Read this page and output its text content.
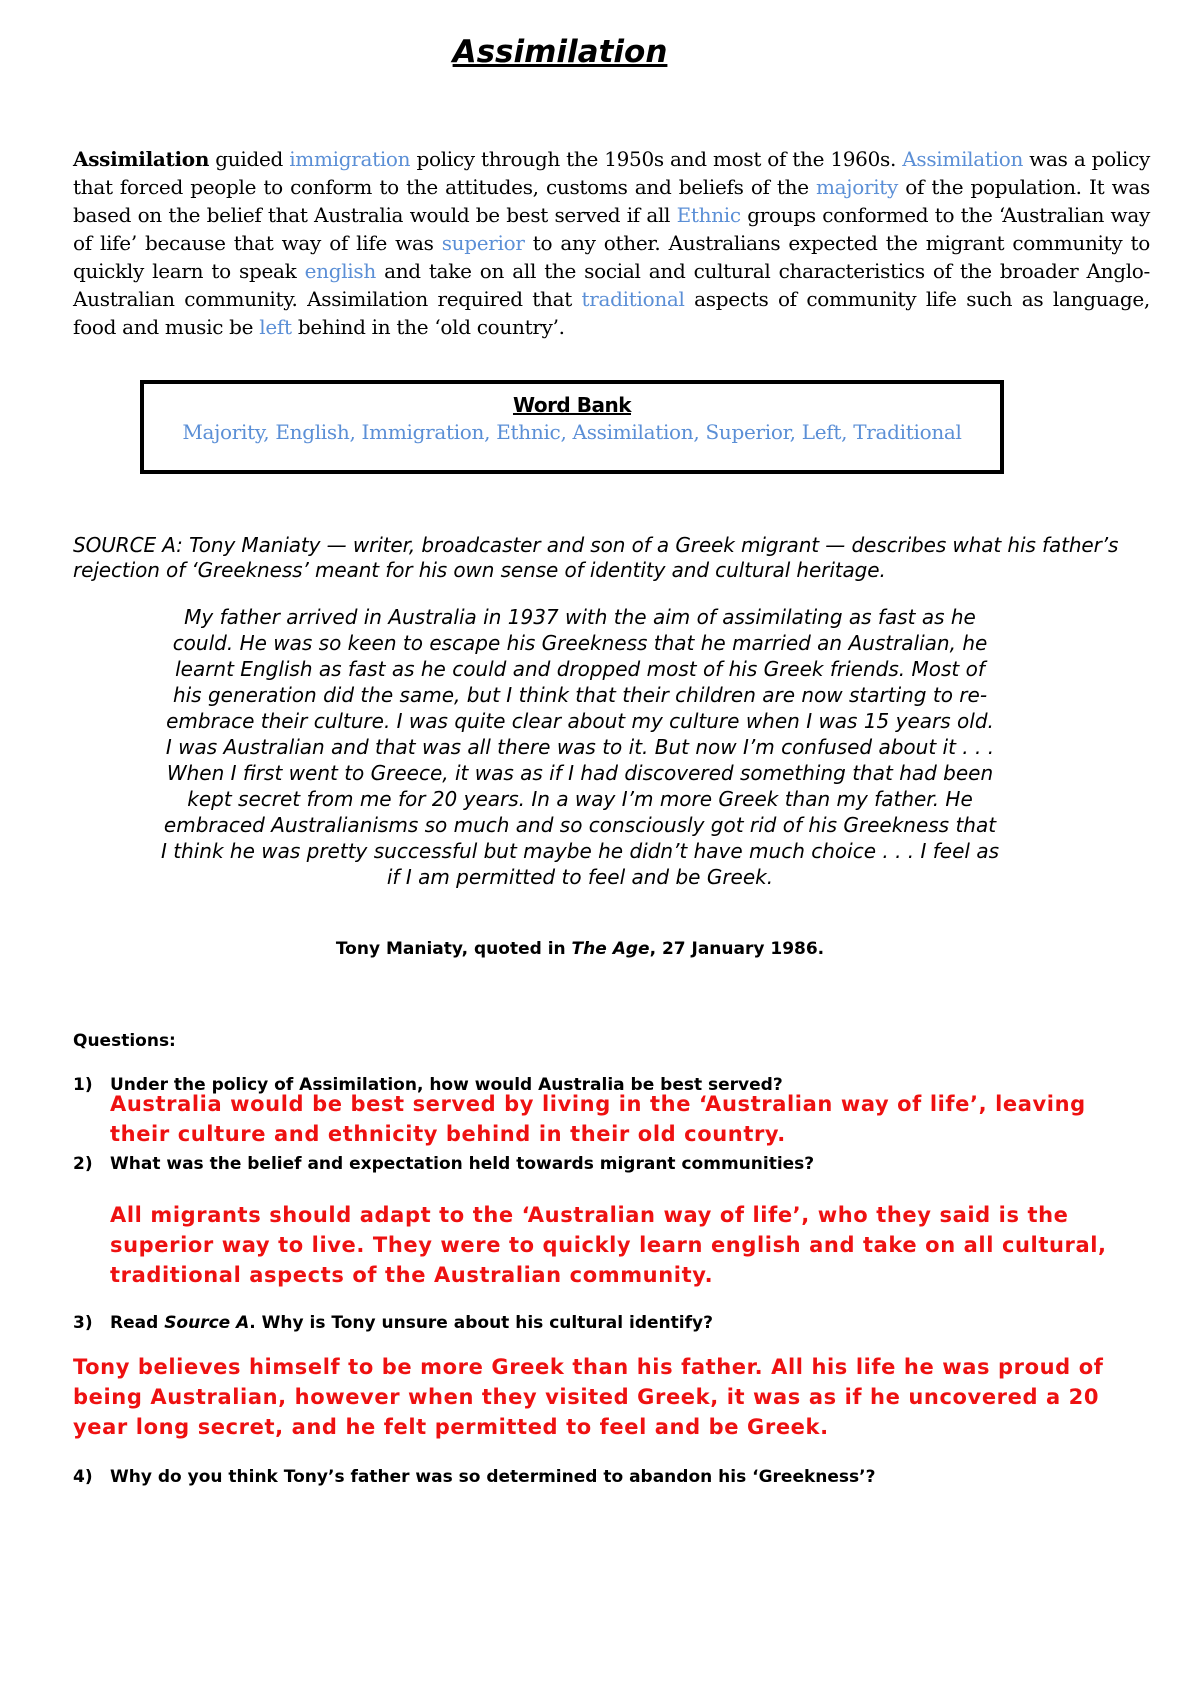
Assimilation
Assimilation guided immigration policy through the 1950s and most of the 1960s. Assimilation was a policy that forced people to conform to the attitudes, customs and beliefs of the majority of the population. It was based on the belief that Australia would be best served if all Ethnic groups conformed to the ‘Australian way of life’ because that way of life was superior to any other. Australians expected the migrant community to quickly learn to speak english and take on all the social and cultural characteristics of the broader Anglo-Australian community. Assimilation required that traditional aspects of community life such as language, food and music be left behind in the ‘old country’.
Word Bank
Majority, English, Immigration, Ethnic, Assimilation, Superior, Left, Traditional
SOURCE A: Tony Maniaty — writer, broadcaster and son of a Greek migrant — describes what his father’s rejection of ‘Greekness’ meant for his own sense of identity and cultural heritage.
My father arrived in Australia in 1937 with the aim of assimilating as fast as he could. He was so keen to escape his Greekness that he married an Australian, he learnt English as fast as he could and dropped most of his Greek friends. Most of his generation did the same, but I think that their children are now starting to re-embrace their culture. I was quite clear about my culture when I was 15 years old. I was Australian and that was all there was to it. But now I’m confused about it . . . When I first went to Greece, it was as if I had discovered something that had been kept secret from me for 20 years. In a way I’m more Greek than my father. He embraced Australianisms so much and so consciously got rid of his Greekness that I think he was pretty successful but maybe he didn’t have much choice . . . I feel as if I am permitted to feel and be Greek.
Tony Maniaty, quoted in The Age, 27 January 1986.
Questions:
1) Under the policy of Assimilation, how would Australia be best served?
Australia would be best served by living in the ‘Australian way of life’, leaving their culture and ethnicity behind in their old country.
2) What was the belief and expectation held towards migrant communities?
All migrants should adapt to the ‘Australian way of life’, who they said is the superior way to live. They were to quickly learn english and take on all cultural, traditional aspects of the Australian community.
3) Read Source A. Why is Tony unsure about his cultural identify?
Tony believes himself to be more Greek than his father. All his life he was proud of being Australian, however when they visited Greek, it was as if he uncovered a 20 year long secret, and he felt permitted to feel and be Greek.
4) Why do you think Tony’s father was so determined to abandon his ‘Greekness’?
